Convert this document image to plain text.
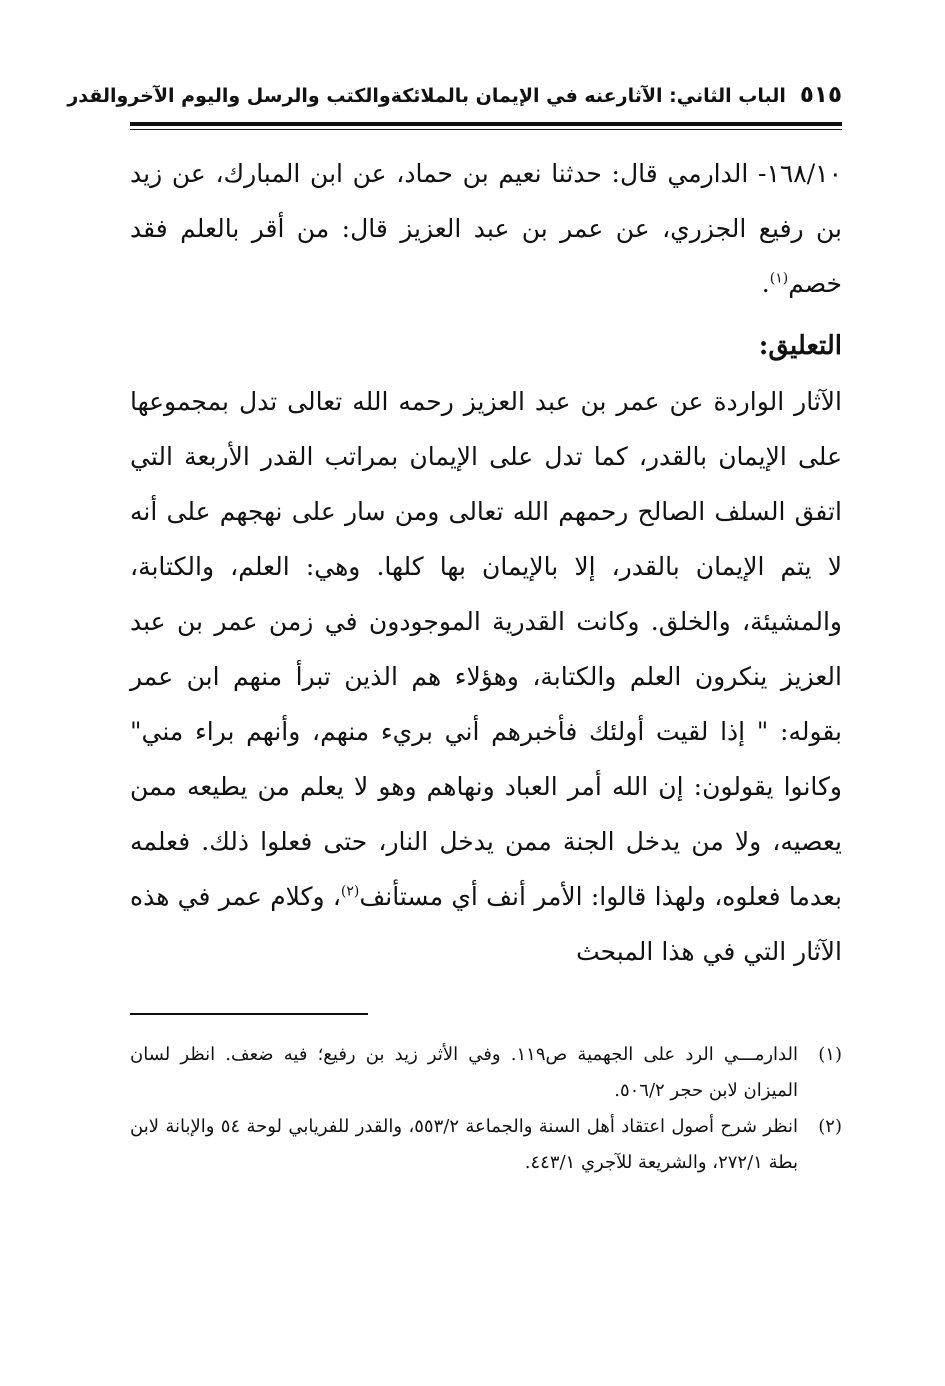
٥١٥
الباب الثاني: الآثارعنه في الإيمان بالملائكةوالكتب والرسل واليوم الآخروالقدر

١٦٨/١٠- الدارمي قال: حدثنا نعيم بن حماد، عن ابن المبارك، عن زيد بن رفيع الجزري، عن عمر بن عبد العزيز قال: من أقر بالعلم فقد خصم$^{(١)}$.

التعليق:

الآثار الواردة عن عمر بن عبد العزيز رحمه الله تعالى تدل بمجموعها على الإيمان بالقدر، كما تدل على الإيمان بمراتب القدر الأربعة التي اتفق السلف الصالح رحمهم الله تعالى ومن سار على نهجهم على أنه لا يتم الإيمان بالقدر، إلا بالإيمان بها كلها. وهي: العلم، والكتابة، والمشيئة، والخلق. وكانت القدرية الموجودون في زمن عمر بن عبد العزيز ينكرون العلم والكتابة، وهؤلاء هم الذين تبرأ منهم ابن عمر بقوله: " إذا لقيت أولئك فأخبرهم أني بريء منهم، وأنهم براء مني" وكانوا يقولون: إن الله أمر العباد ونهاهم وهو لا يعلم من يطيعه ممن يعصيه، ولا من يدخل الجنة ممن يدخل النار، حتى فعلوا ذلك. فعلمه بعدما فعلوه، ولهذا قالوا: الأمر أنف أي مستأنف$^{(٢)}$، وكلام عمر في هذه الآثار التي في هذا المبحث

(١)
الدارمـــي الرد على الجهمية ص١١٩. وفي الأثر زيد بن رفيع؛ فيه ضعف. انظر لسان الميزان لابن حجر ٥٠٦/٢.
(٢)
انظر شرح أصول اعتقاد أهل السنة والجماعة ٥٥٣/٢، والقدر للفريابي لوحة ٥٤ والإبانة لابن بطة ٢٧٢/١، والشريعة للآجري ٤٤٣/١.
